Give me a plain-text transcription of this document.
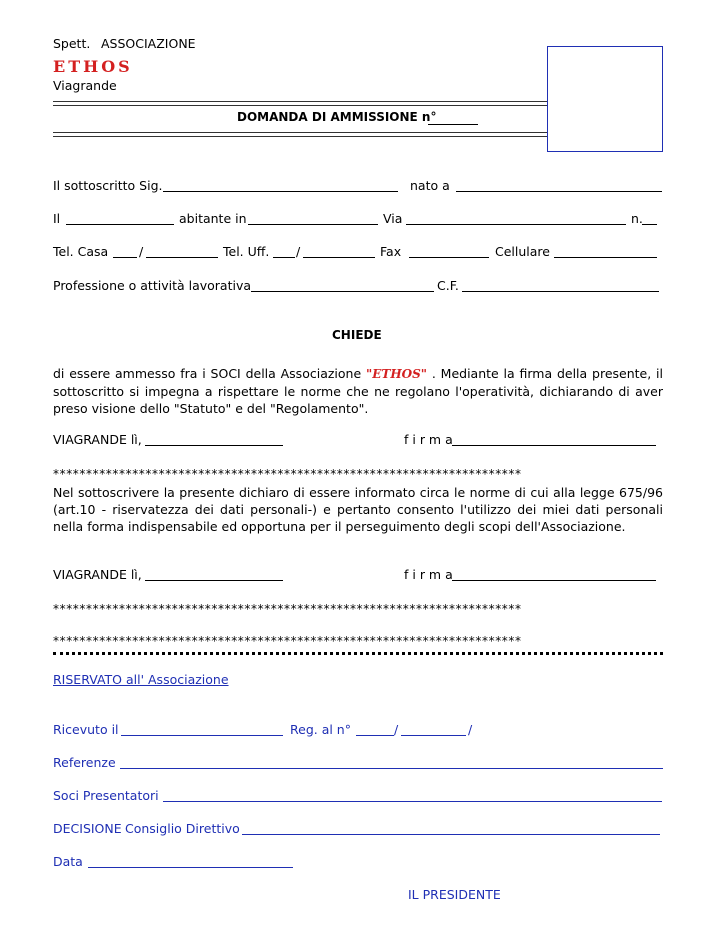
Spett. ASSOCIAZIONE
ETHOS
Viagrande
DOMANDA DI AMMISSIONE n°
Il sottoscritto Sig.	nato a
Il	abitante in	Via	n.
Tel. Casa /	Tel. Uff. /	Fax	Cellulare
Professione o attività lavorativa	C.F.
CHIEDE
di essere ammesso fra i SOCI della Associazione "ETHOS" . Mediante la firma della presente, il sottoscritto si impegna a rispettare le norme che ne regolano l'operatività, dichiarando di aver preso visione dello "Statuto" e del "Regolamento".
VIAGRANDE lì,	f i r m a
***********************************************************************
Nel sottoscrivere la presente dichiaro di essere informato circa le norme di cui alla legge 675/96 (art.10 - riservatezza dei dati personali-) e pertanto consento l'utilizzo dei miei dati personali nella forma indispensabile ed opportuna per il perseguimento degli scopi dell'Associazione.
VIAGRANDE lì,	f i r m a
***********************************************************************
***********************************************************************
RISERVATO all' Associazione
Ricevuto il	Reg. al n°	/	/
Referenze
Soci Presentatori
DECISIONE Consiglio Direttivo
Data
IL PRESIDENTE
